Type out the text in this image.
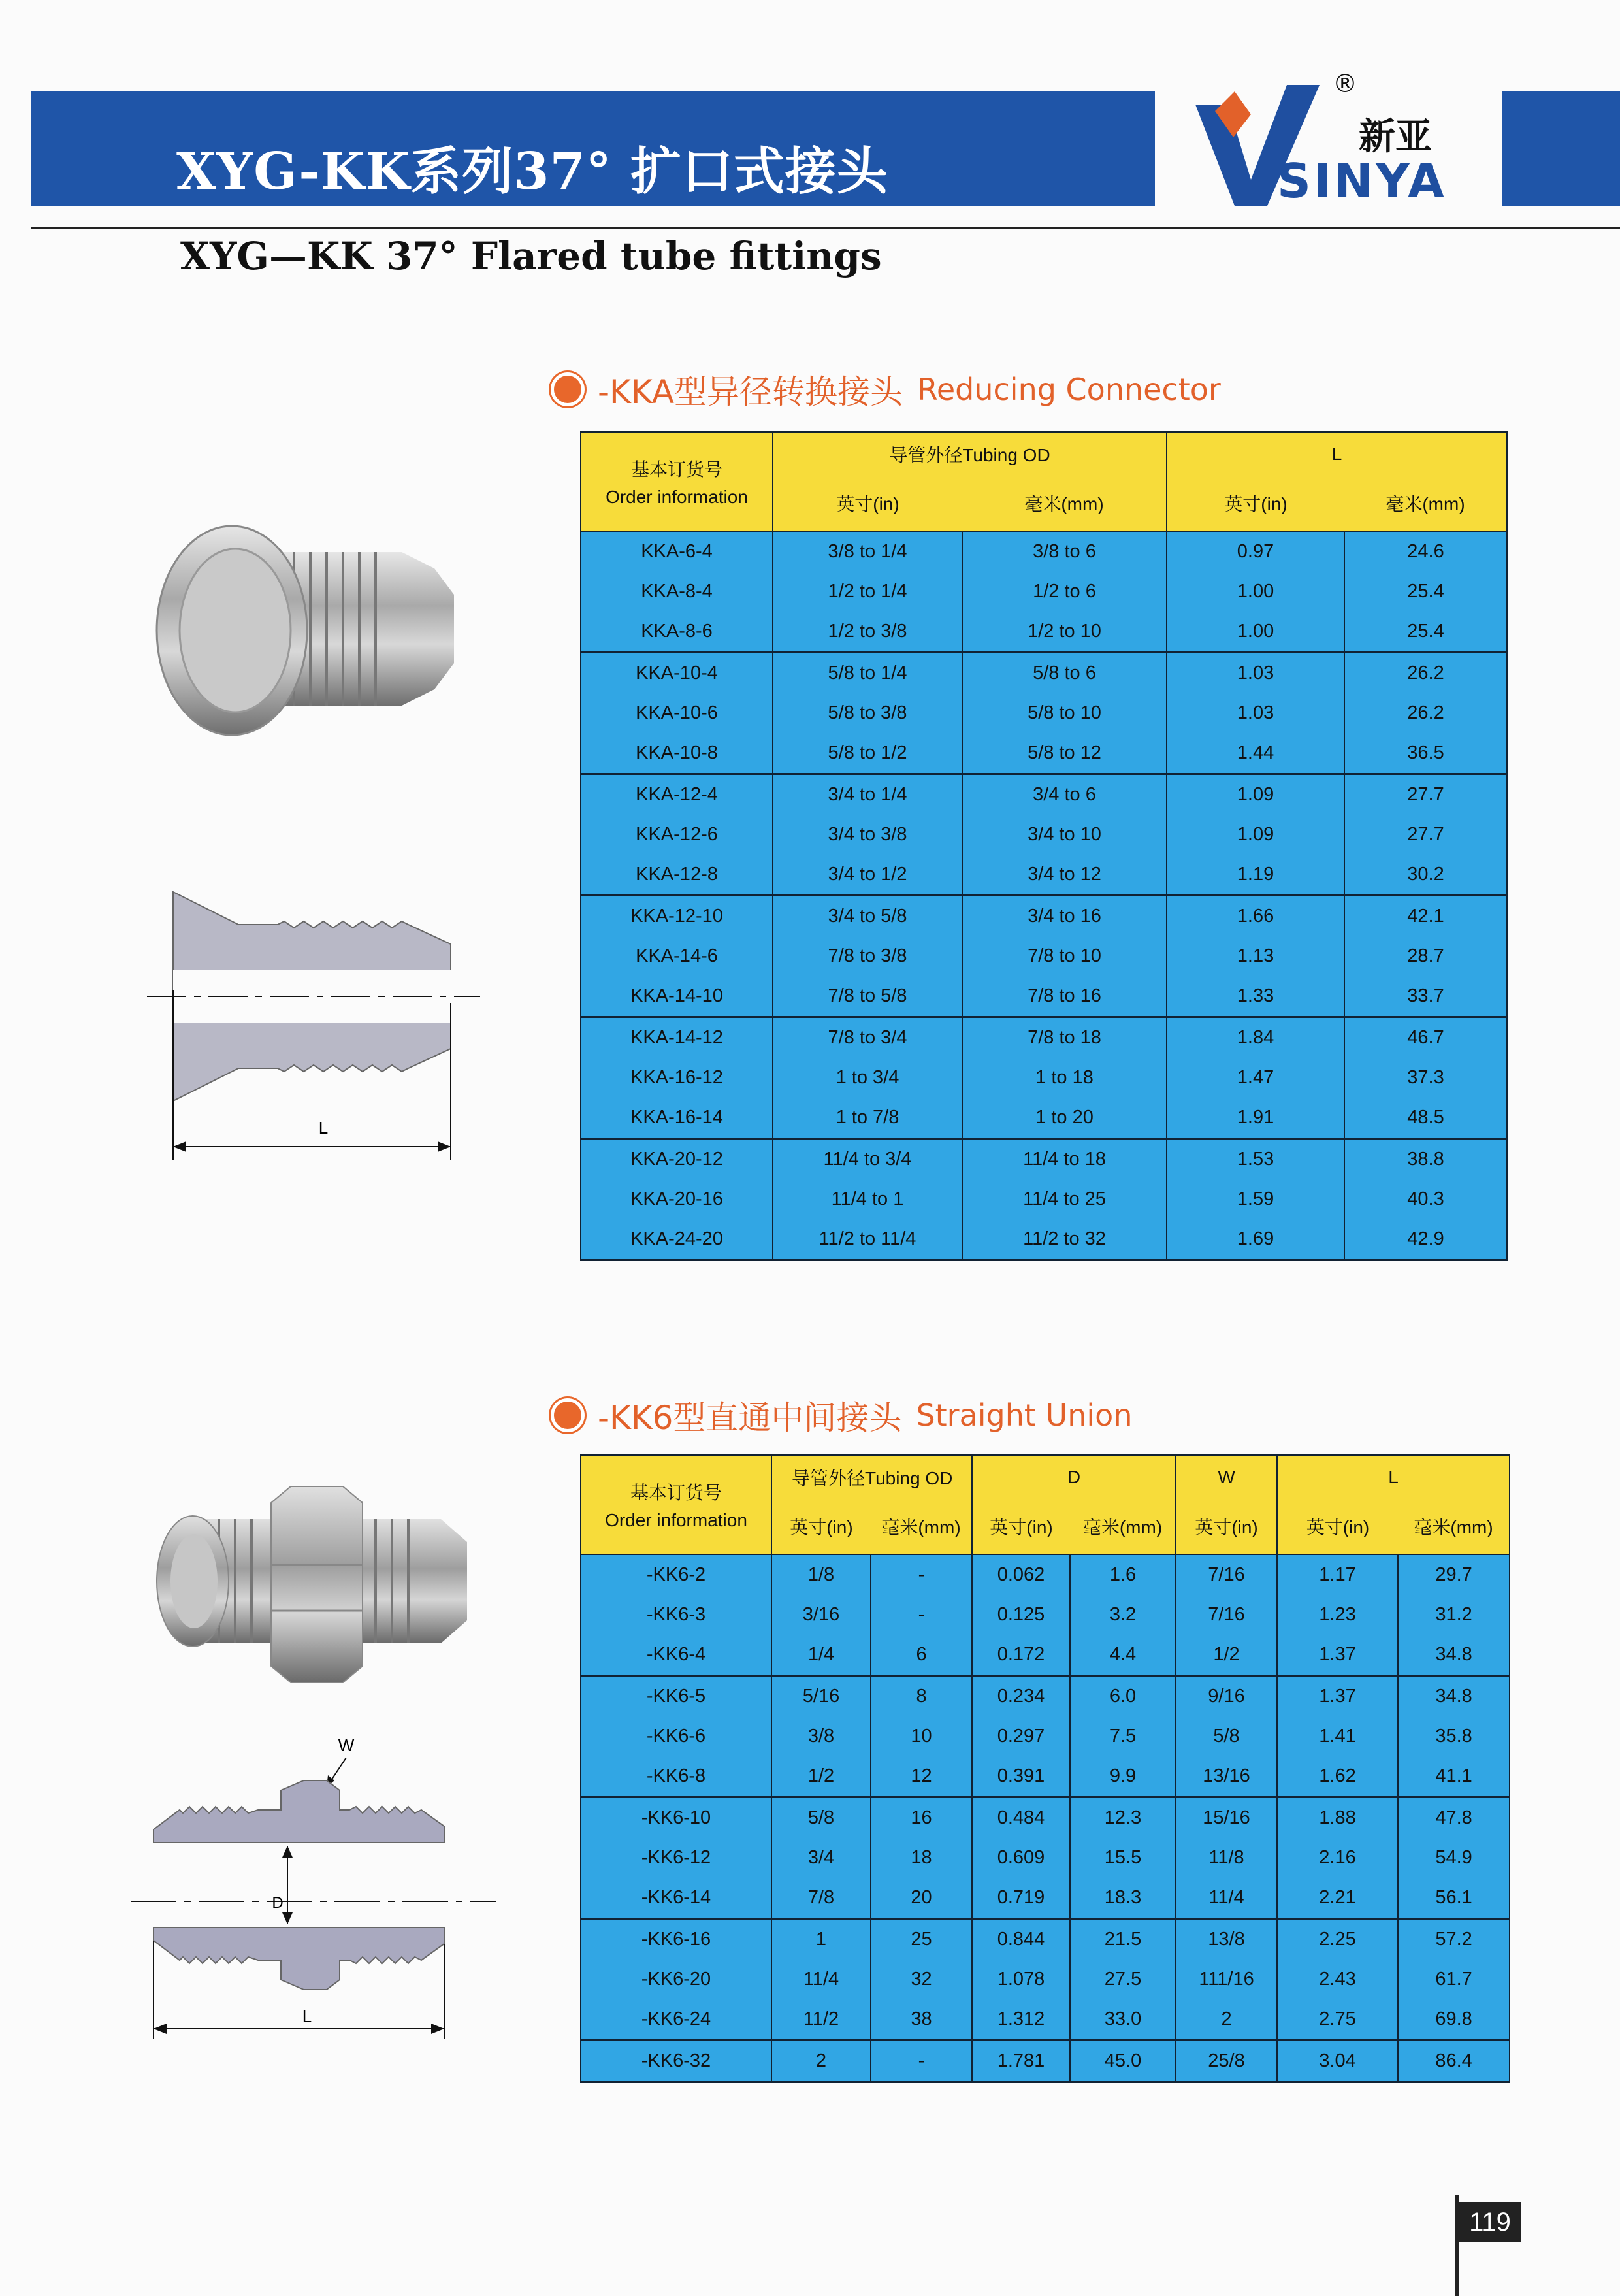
XYG-KK系列37° 扩口式接头
XYG—KK 37° Flared tube fittings
®
新亚
SINYA
-KKA型异径转换接头 Reducing Connector
L
基本订货号
Order information	导管外径Tubing OD		L	
	英寸(in)	毫米(mm)	英寸(in)	毫米(mm)
KKA-6-4	3/8 to 1/4	3/8 to 6	0.97	24.6
KKA-8-4	1/2 to 1/4	1/2 to 6	1.00	25.4
KKA-8-6	1/2 to 3/8	1/2 to 10	1.00	25.4
KKA-10-4	5/8 to 1/4	5/8 to 6	1.03	26.2
KKA-10-6	5/8 to 3/8	5/8 to 10	1.03	26.2
KKA-10-8	5/8 to 1/2	5/8 to 12	1.44	36.5
KKA-12-4	3/4 to 1/4	3/4 to 6	1.09	27.7
KKA-12-6	3/4 to 3/8	3/4 to 10	1.09	27.7
KKA-12-8	3/4 to 1/2	3/4 to 12	1.19	30.2
KKA-12-10	3/4 to 5/8	3/4 to 16	1.66	42.1
KKA-14-6	7/8 to 3/8	7/8 to 10	1.13	28.7
KKA-14-10	7/8 to 5/8	7/8 to 16	1.33	33.7
KKA-14-12	7/8 to 3/4	7/8 to 18	1.84	46.7
KKA-16-12	1 to 3/4	1 to 18	1.47	37.3
KKA-16-14	1 to 7/8	1 to 20	1.91	48.5
KKA-20-12	11/4 to 3/4	11/4 to 18	1.53	38.8
KKA-20-16	11/4 to 1	11/4 to 25	1.59	40.3
KKA-24-20	11/2 to 11/4	11/2 to 32	1.69	42.9
-KK6型直通中间接头 Straight Union
W
D
L
基本订货号
Order information	导管外径Tubing OD		D		W	L	
	英寸(in)	毫米(mm)	英寸(in)	毫米(mm)	英寸(in)	英寸(in)	毫米(mm)
-KK6-2	1/8	-	0.062	1.6	7/16	1.17	29.7
-KK6-3	3/16	-	0.125	3.2	7/16	1.23	31.2
-KK6-4	1/4	6	0.172	4.4	1/2	1.37	34.8
-KK6-5	5/16	8	0.234	6.0	9/16	1.37	34.8
-KK6-6	3/8	10	0.297	7.5	5/8	1.41	35.8
-KK6-8	1/2	12	0.391	9.9	13/16	1.62	41.1
-KK6-10	5/8	16	0.484	12.3	15/16	1.88	47.8
-KK6-12	3/4	18	0.609	15.5	11/8	2.16	54.9
-KK6-14	7/8	20	0.719	18.3	11/4	2.21	56.1
-KK6-16	1	25	0.844	21.5	13/8	2.25	57.2
-KK6-20	11/4	32	1.078	27.5	111/16	2.43	61.7
-KK6-24	11/2	38	1.312	33.0	2	2.75	69.8
-KK6-32	2	-	1.781	45.0	25/8	3.04	86.4
119
